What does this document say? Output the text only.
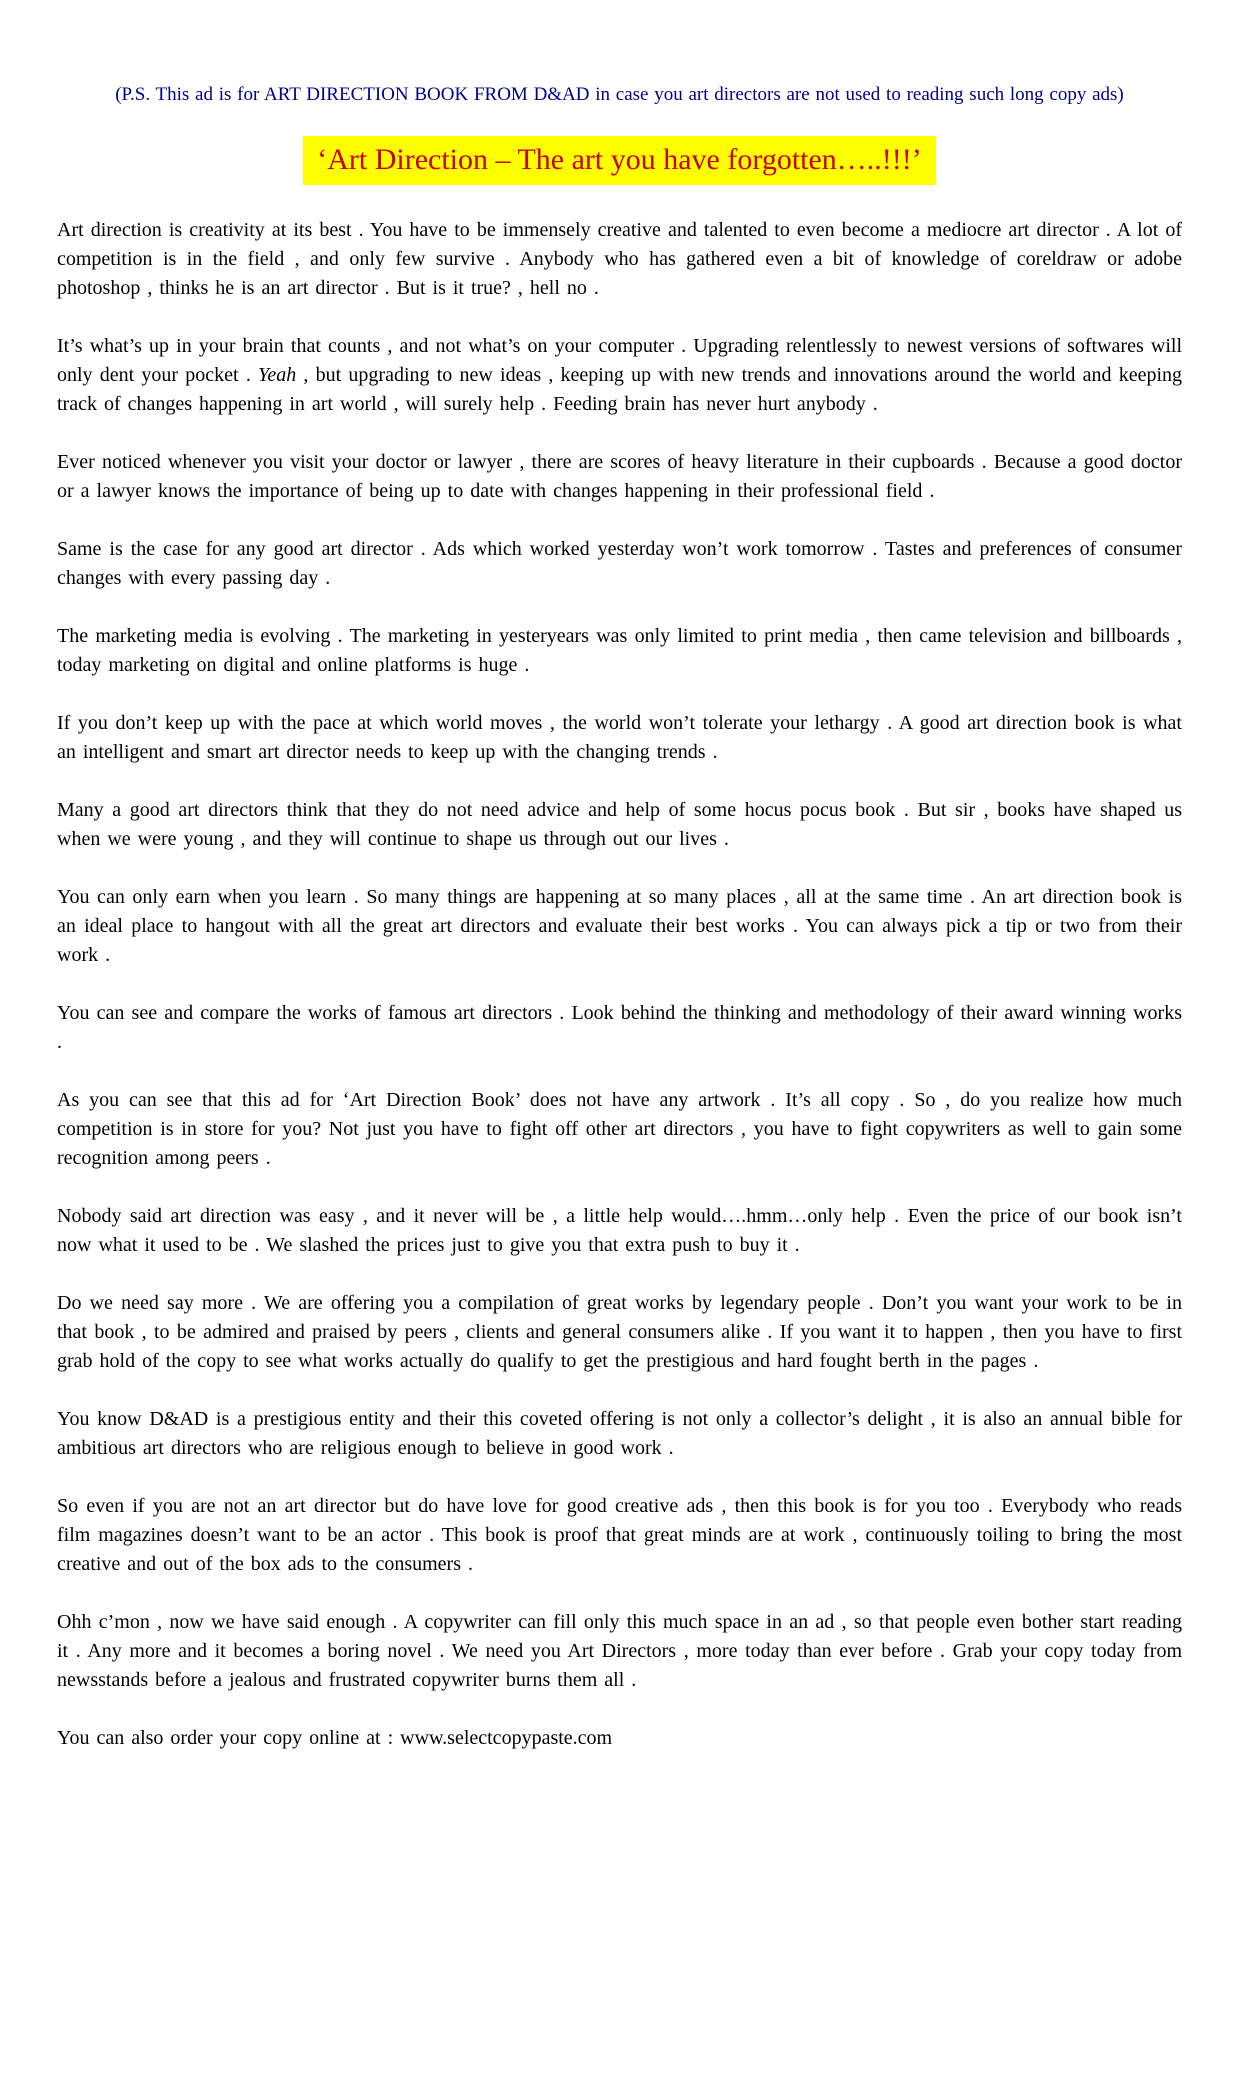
(P.S. This ad is for ART DIRECTION BOOK FROM D&AD in case you art directors are not used to reading such long copy ads)
‘Art Direction – The art you have forgotten…..!!!’

Art direction is creativity at its best . You have to be immensely creative and talented to even become a mediocre art director . A lot of competition is in the field , and only few survive . Anybody who has gathered even a bit of knowledge of coreldraw or adobe photoshop , thinks he is an art director . But is it true? , hell no .

It’s what’s up in your brain that counts , and not what’s on your computer . Upgrading relentlessly to newest versions of softwares will only dent your pocket . Yeah , but upgrading to new ideas , keeping up with new trends and innovations around the world and keeping track of changes happening in art world , will surely help . Feeding brain has never hurt anybody .

Ever noticed whenever you visit your doctor or lawyer , there are scores of heavy literature in their cupboards . Because a good doctor or a lawyer knows the importance of being up to date with changes happening in their professional field .

Same is the case for any good art director . Ads which worked yesterday won’t work tomorrow . Tastes and preferences of consumer changes with every passing day .

The marketing media is evolving . The marketing in yesteryears was only limited to print media , then came television and billboards , today marketing on digital and online platforms is huge .

If you don’t keep up with the pace at which world moves , the world won’t tolerate your lethargy . A good art direction book is what an intelligent and smart art director needs to keep up with the changing trends .

Many a good art directors think that they do not need advice and help of some hocus pocus book . But sir , books have shaped us when we were young , and they will continue to shape us through out our lives .

You can only earn when you learn . So many things are happening at so many places , all at the same time . An art direction book is an ideal place to hangout with all the great art directors and evaluate their best works . You can always pick a tip or two from their work .

You can see and compare the works of famous art directors . Look behind the thinking and methodology of their award winning works .

As you can see that this ad for ‘Art Direction Book’ does not have any artwork . It’s all copy . So , do you realize how much competition is in store for you? Not just you have to fight off other art directors , you have to fight copywriters as well to gain some recognition among peers .

Nobody said art direction was easy , and it never will be , a little help would….hmm…only help . Even the price of our book isn’t now what it used to be . We slashed the prices just to give you that extra push to buy it .

Do we need say more . We are offering you a compilation of great works by legendary people . Don’t you want your work to be in that book , to be admired and praised by peers , clients and general consumers alike . If you want it to happen , then you have to first grab hold of the copy to see what works actually do qualify to get the prestigious and hard fought berth in the pages .

You know D&AD is a prestigious entity and their this coveted offering is not only a collector’s delight , it is also an annual bible for ambitious art directors who are religious enough to believe in good work .

So even if you are not an art director but do have love for good creative ads , then this book is for you too . Everybody who reads film magazines doesn’t want to be an actor . This book is proof that great minds are at work , continuously toiling to bring the most creative and out of the box ads to the consumers .

Ohh c’mon , now we have said enough . A copywriter can fill only this much space in an ad , so that people even bother start reading it . Any more and it becomes a boring novel . We need you Art Directors , more today than ever before . Grab your copy today from newsstands before a jealous and frustrated copywriter burns them all .

You can also order your copy online at : www.selectcopypaste.com
